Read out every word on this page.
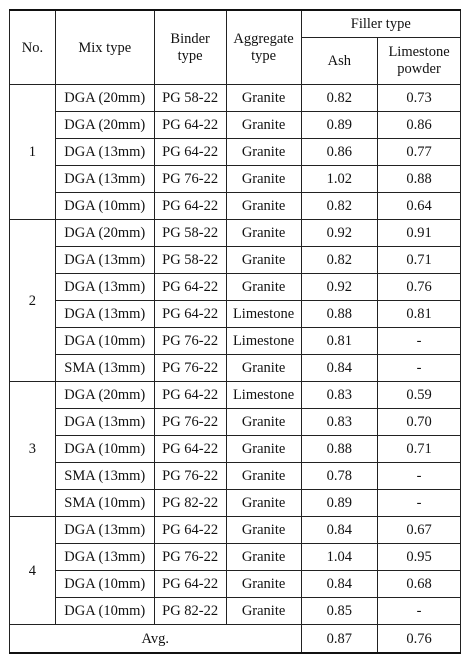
No.	Mix type	Binder type	Aggregate type	Filler type	
				Ash	Limestone powder
1	DGA (20mm)	PG 58-22	Granite	0.82	0.73
	DGA (20mm)	PG 64-22	Granite	0.89	0.86
	DGA (13mm)	PG 64-22	Granite	0.86	0.77
	DGA (13mm)	PG 76-22	Granite	1.02	0.88
	DGA (10mm)	PG 64-22	Granite	0.82	0.64
2	DGA (20mm)	PG 58-22	Granite	0.92	0.91
	DGA (13mm)	PG 58-22	Granite	0.82	0.71
	DGA (13mm)	PG 64-22	Granite	0.92	0.76
	DGA (13mm)	PG 64-22	Limestone	0.88	0.81
	DGA (10mm)	PG 76-22	Limestone	0.81	-
	SMA (13mm)	PG 76-22	Granite	0.84	-
3	DGA (20mm)	PG 64-22	Limestone	0.83	0.59
	DGA (13mm)	PG 76-22	Granite	0.83	0.70
	DGA (10mm)	PG 64-22	Granite	0.88	0.71
	SMA (13mm)	PG 76-22	Granite	0.78	-
	SMA (10mm)	PG 82-22	Granite	0.89	-
4	DGA (13mm)	PG 64-22	Granite	0.84	0.67
	DGA (13mm)	PG 76-22	Granite	1.04	0.95
	DGA (10mm)	PG 64-22	Granite	0.84	0.68
	DGA (10mm)	PG 82-22	Granite	0.85	-
Avg.				0.87	0.76
